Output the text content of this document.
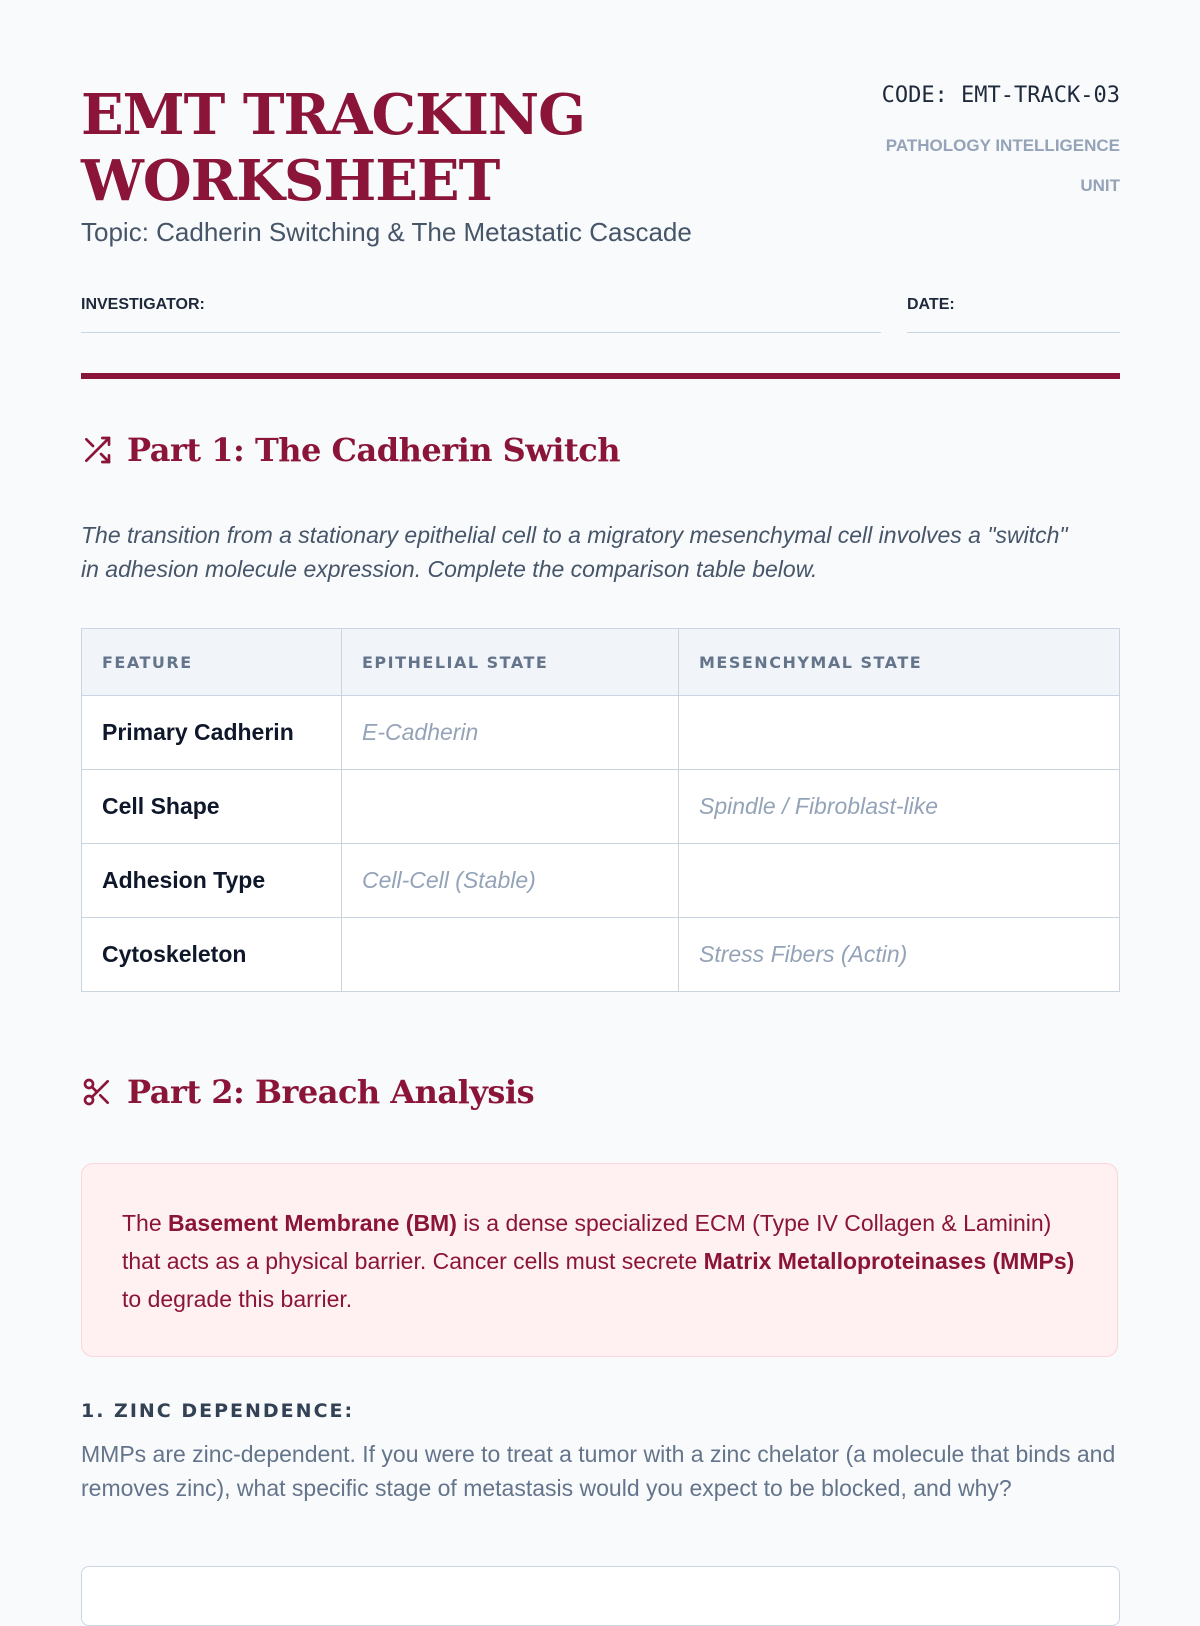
EMT TRACKING
WORKSHEET
Topic: Cadherin Switching & The Metastatic Cascade
CODE: EMT-TRACK-03
PATHOLOGY INTELLIGENCE UNIT
INVESTIGATOR:	DATE:
Part 1: The Cadherin Switch

The transition from a stationary epithelial cell to a migratory mesenchymal cell involves a "switch" in adhesion molecule expression. Complete the comparison table below.

FEATURE	EPITHELIAL STATE	MESENCHYMAL STATE
Primary Cadherin	E-Cadherin	
Cell Shape		Spindle / Fibroblast-like
Adhesion Type	Cell-Cell (Stable)	
Cytoskeleton		Stress Fibers (Actin)
Part 2: Breach Analysis
The Basement Membrane (BM) is a dense specialized ECM (Type IV Collagen & Laminin) that acts as a physical barrier. Cancer cells must secrete Matrix Metalloproteinases (MMPs) to degrade this barrier.
1. ZINC DEPENDENCE:

MMPs are zinc-dependent. If you were to treat a tumor with a zinc chelator (a molecule that binds and removes zinc), what specific stage of metastasis would you expect to be blocked, and why?
